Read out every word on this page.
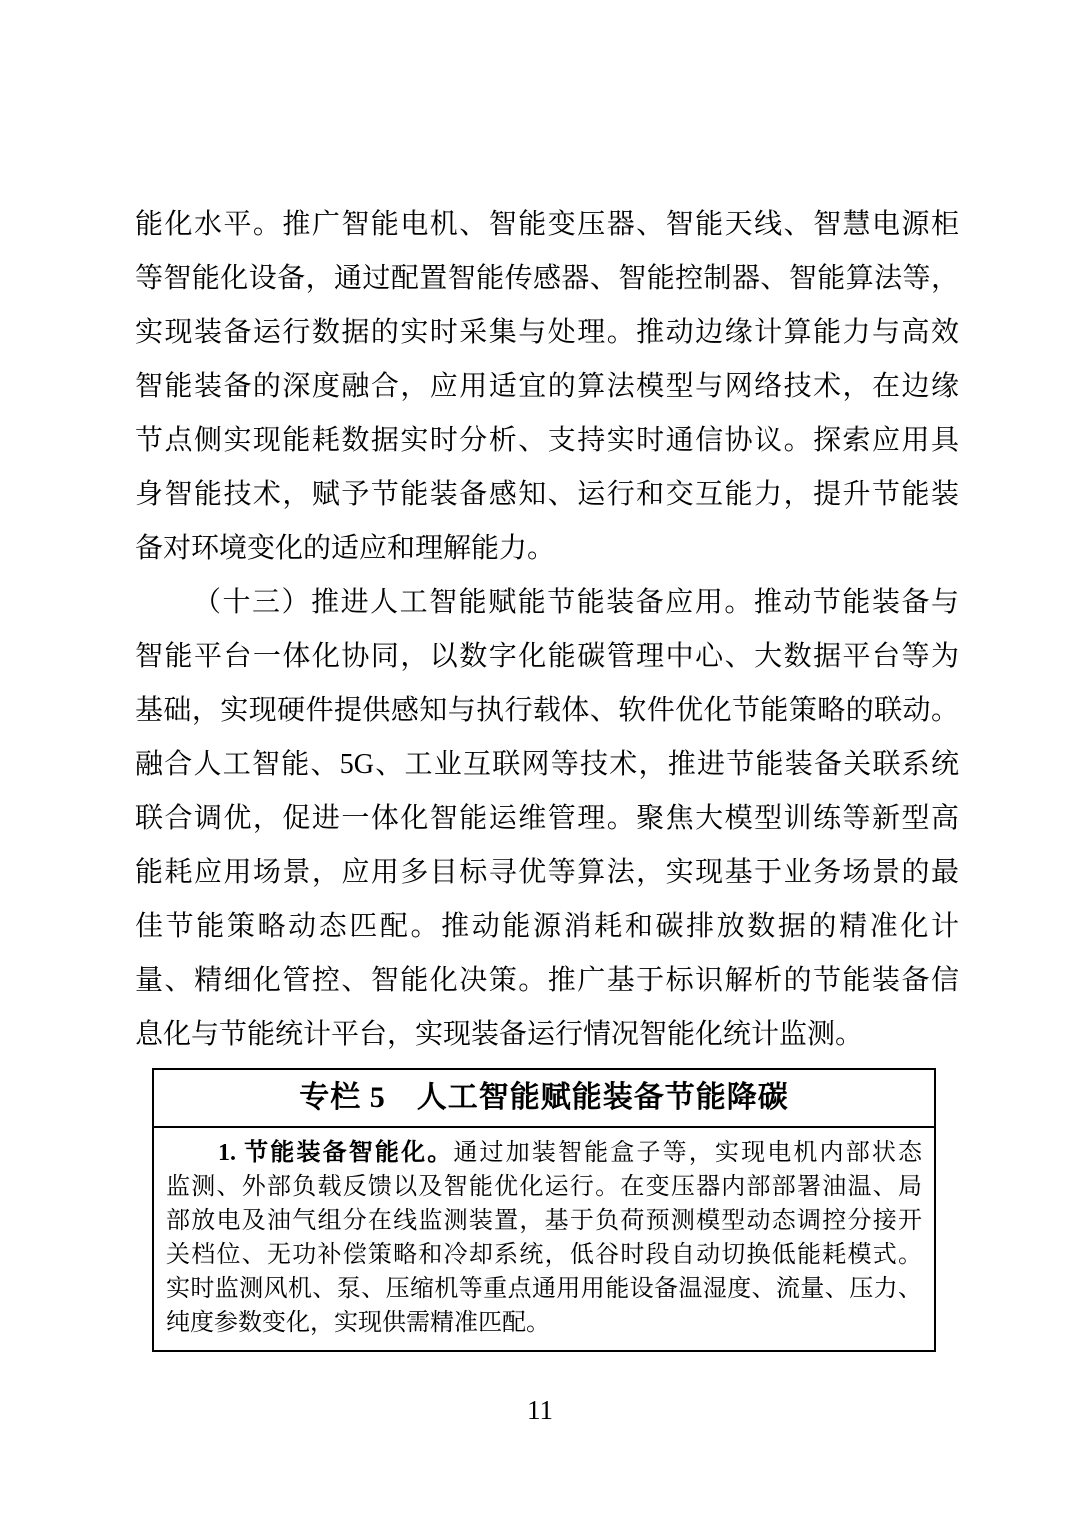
能化水平。推广智能电机、智能变压器、智能天线、智慧电源柜
等智能化设备，通过配置智能传感器、智能控制器、智能算法等，
实现装备运行数据的实时采集与处理。推动边缘计算能力与高效
智能装备的深度融合，应用适宜的算法模型与网络技术，在边缘
节点侧实现能耗数据实时分析、支持实时通信协议。探索应用具
身智能技术，赋予节能装备感知、运行和交互能力，提升节能装
备对环境变化的适应和理解能力。
（十三）推进人工智能赋能节能装备应用。推动节能装备与
智能平台一体化协同，以数字化能碳管理中心、大数据平台等为
基础，实现硬件提供感知与执行载体、软件优化节能策略的联动。
融合人工智能、5G、工业互联网等技术，推进节能装备关联系统
联合调优，促进一体化智能运维管理。聚焦大模型训练等新型高
能耗应用场景，应用多目标寻优等算法，实现基于业务场景的最
佳节能策略动态匹配。推动能源消耗和碳排放数据的精准化计
量、精细化管控、智能化决策。推广基于标识解析的节能装备信
息化与节能统计平台，实现装备运行情况智能化统计监测。
专栏 5　人工智能赋能装备节能降碳
1. 节能装备智能化。通过加装智能盒子等，实现电机内部状态
监测、外部负载反馈以及智能优化运行。在变压器内部部署油温、局
部放电及油气组分在线监测装置，基于负荷预测模型动态调控分接开
关档位、无功补偿策略和冷却系统，低谷时段自动切换低能耗模式。
实时监测风机、泵、压缩机等重点通用用能设备温湿度、流量、压力、
纯度参数变化，实现供需精准匹配。
11
